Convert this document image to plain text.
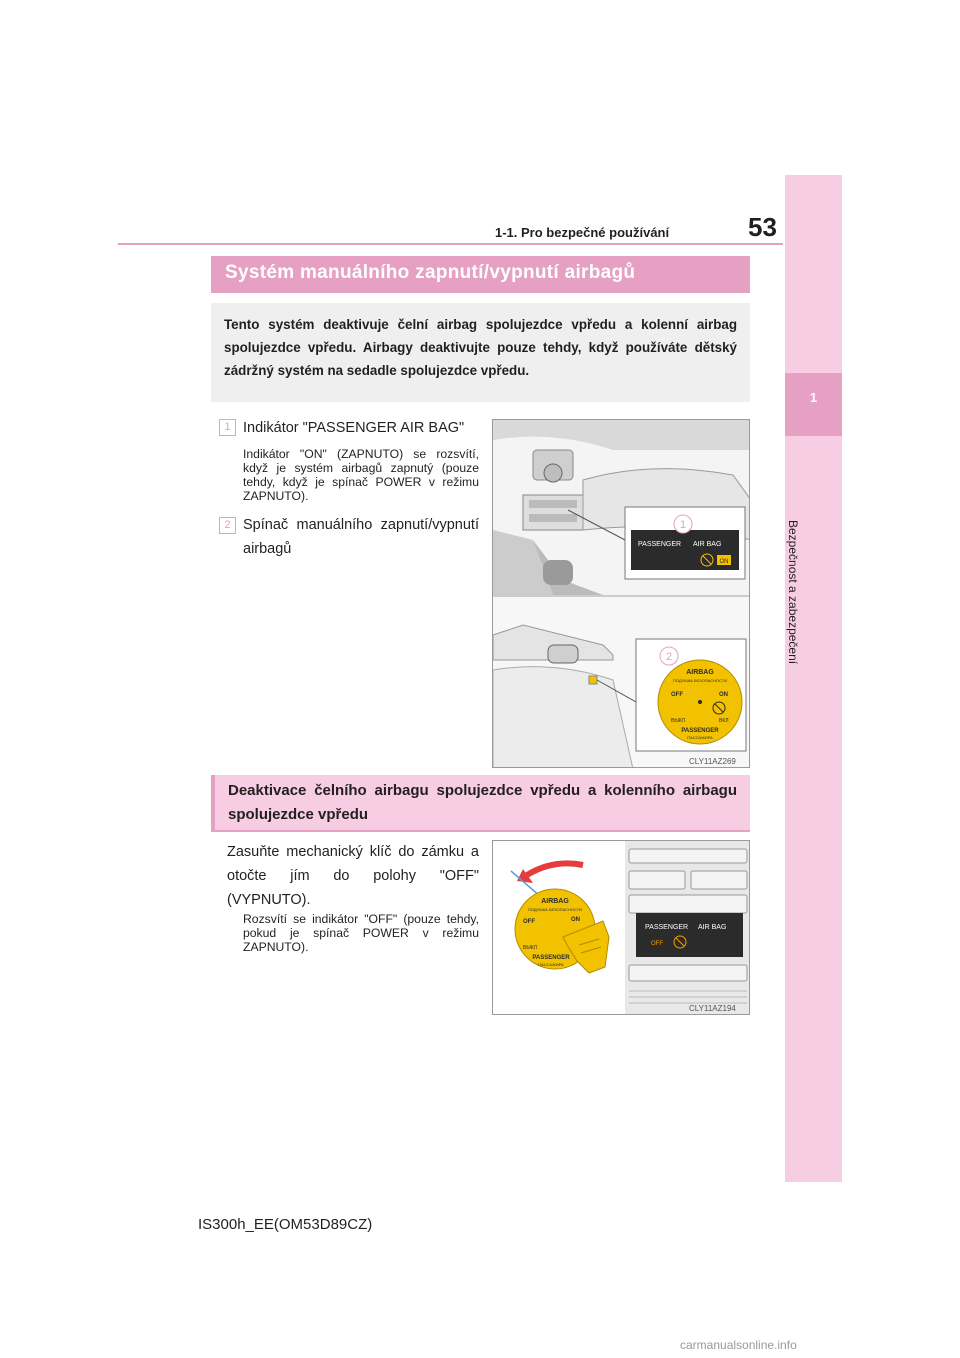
1-1. Pro bezpečné používání	53
1
Bezpečnost a zabezpečení
Systém manuálního zapnutí/vypnutí airbagů
Tento systém deaktivuje čelní airbag spolujezdce vpředu a kolenní airbag spolujezdce vpředu. Airbagy deaktivujte pouze tehdy, když používáte dětský zádržný systém na sedadle spolujezdce vpředu.
1 Indikátor "PASSENGER AIR BAG"
Indikátor "ON" (ZAPNUTO) se rozsvítí, když je systém airbagů zapnutý (pouze tehdy, když je spínač POWER v režimu ZAPNUTO).
2 Spínač manuálního zapnutí/vypnutí airbagů
1
PASSENGER AIR BAG
ON
2
AIRBAG
ПОДУШКА БЕЗОПАСНОСТИ
OFF	ON
ВЫКЛ	ВКЛ
PASSENGER
ПАССАЖИРА
CLY11AZ269
Deaktivace čelního airbagu spolujezdce vpředu a kolenního airbagu spolujezdce vpředu
Zasuňte mechanický klíč do zámku a otočte jím do polohy "OFF" (VYPNUTO).
Rozsvítí se indikátor "OFF" (pouze tehdy, pokud je spínač POWER v režimu ZAPNUTO).
PASSENGER AIR BAG
OFF
AIRBAG
ПОДУШКА БЕЗОПАСНОСТИ
OFF	ON
ВЫКЛ
PASSENGER
ПАССАЖИРА
CLY11AZ194
IS300h_EE(OM53D89CZ)
carmanualsonline.info
